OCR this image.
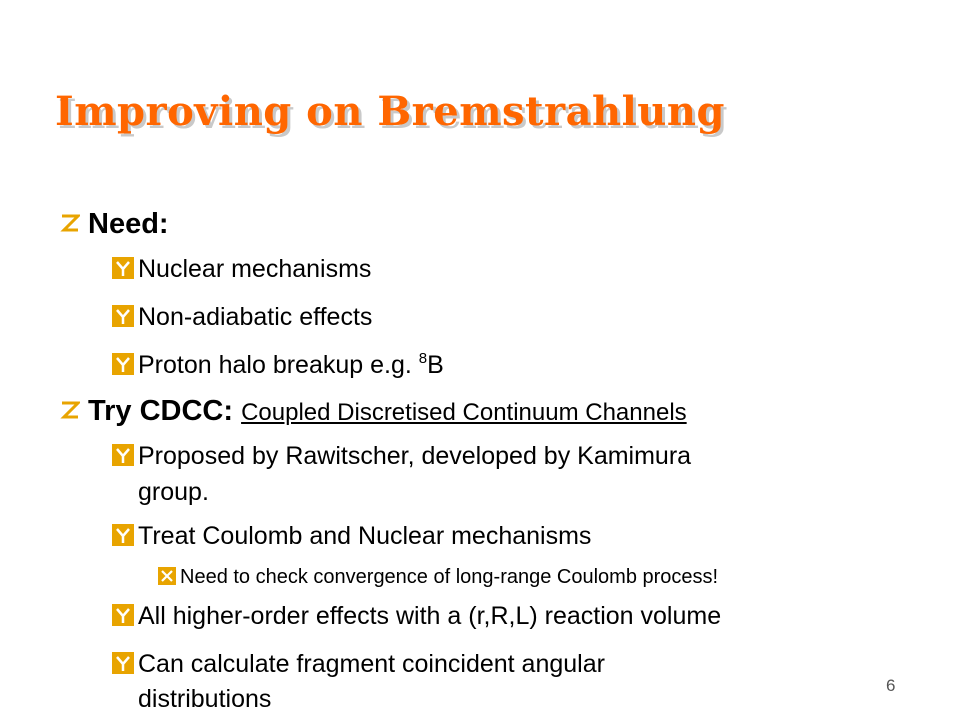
Improving on Bremstrahlung
Need:
Nuclear mechanisms
Non-adiabatic effects
Proton halo breakup e.g. $^8$B
Try CDCC: Coupled Discretised Continuum Channels
Proposed by Rawitscher, developed by Kamimura
group.
Treat Coulomb and Nuclear mechanisms
Need to check convergence of long-range Coulomb process!
All higher-order effects with a (r,R,L) reaction volume
Can calculate fragment coincident angular
distributions	6
